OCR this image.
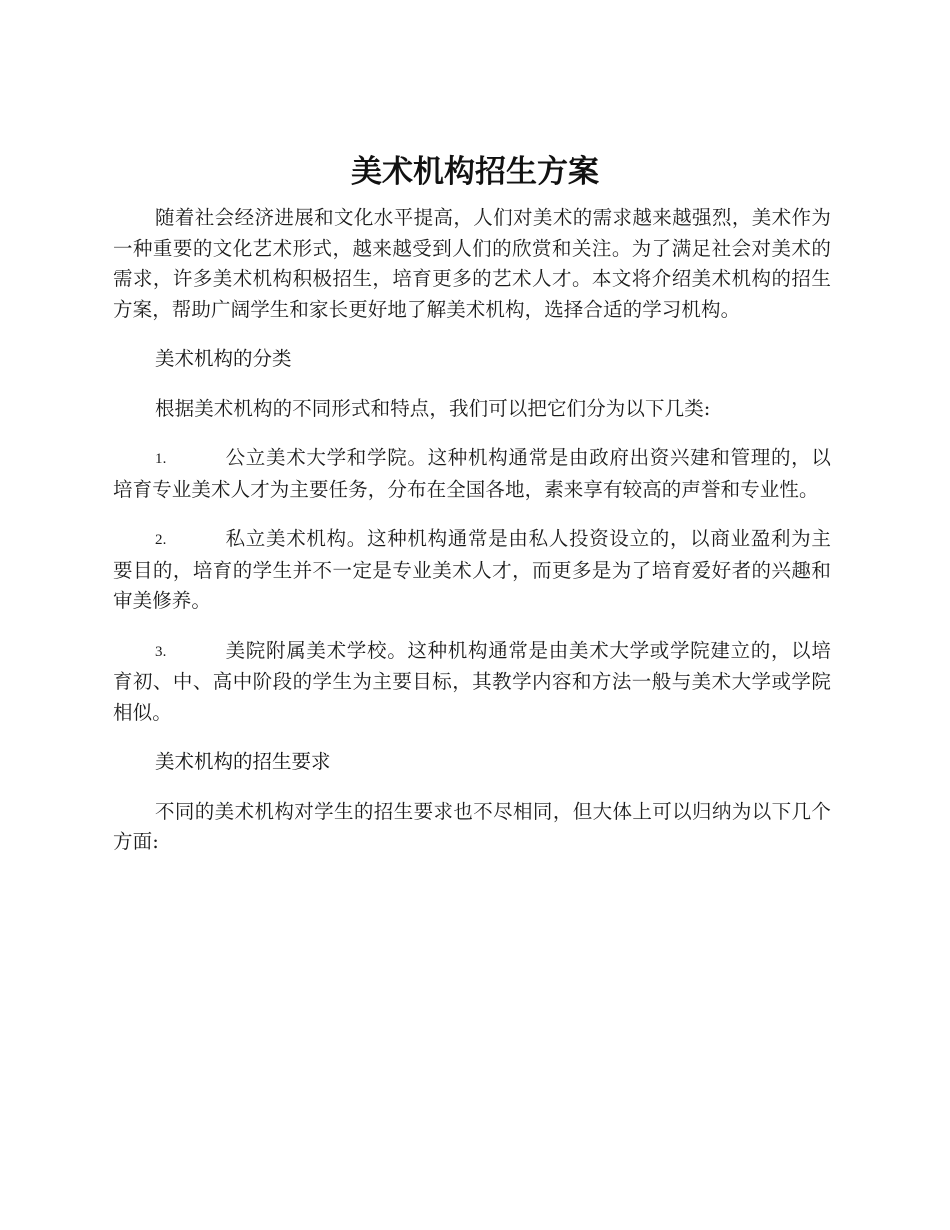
美术机构招生方案

随着社会经济进展和文化水平提高，人们对美术的需求越来越强烈，美术作为一种重要的文化艺术形式，越来越受到人们的欣赏和关注。为了满足社会对美术的需求，许多美术机构积极招生，培育更多的艺术人才。本文将介绍美术机构的招生方案，帮助广阔学生和家长更好地了解美术机构，选择合适的学习机构。

美术机构的分类

根据美术机构的不同形式和特点，我们可以把它们分为以下几类:

1.	公立美术大学和学院。这种机构通常是由政府出资兴建和管理的，以培育专业美术人才为主要任务，分布在全国各地，素来享有较高的声誉和专业性。

2.	私立美术机构。这种机构通常是由私人投资设立的，以商业盈利为主要目的，培育的学生并不一定是专业美术人才，而更多是为了培育爱好者的兴趣和审美修养。

3.	美院附属美术学校。这种机构通常是由美术大学或学院建立的，以培育初、中、高中阶段的学生为主要目标，其教学内容和方法一般与美术大学或学院相似。

美术机构的招生要求

不同的美术机构对学生的招生要求也不尽相同，但大体上可以归纳为以下几个方面:
